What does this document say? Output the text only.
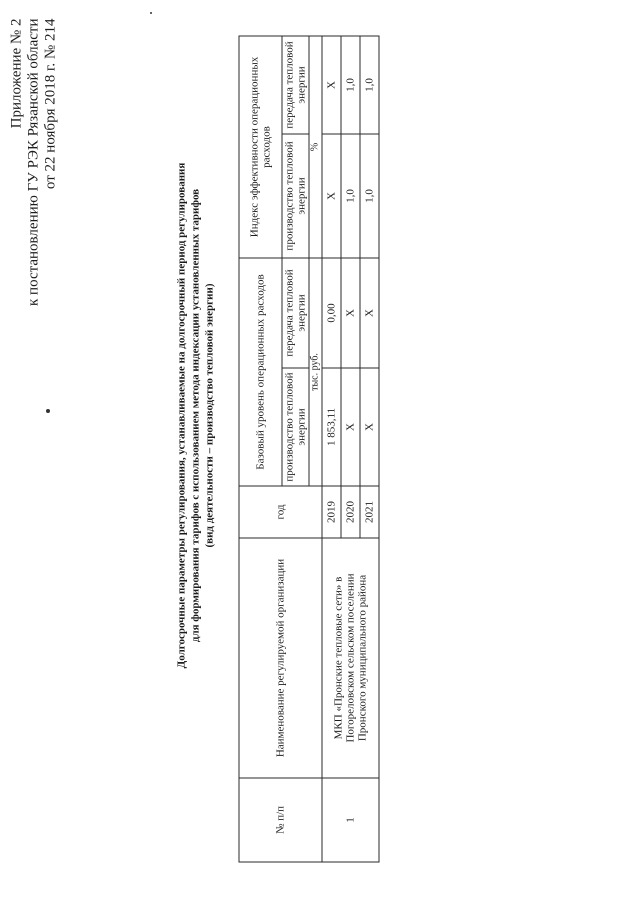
Приложение № 2 к постановлению ГУ РЭК Рязанской области от 22 ноября 2018 г. № 214
Долгосрочные параметры регулирования, устанавливаемые на долгосрочный период регулирования для формирования тарифов с использованием метода индексации установленных тарифов (вид деятельности – производство тепловой энергии)
№ п/п	Наименование регулируемой организации	год	Базовый уровень операционных расходов		Индекс эффективности операционных расходов	
			производство тепловой энергии	передача тепловой энергии	производство тепловой энергии	передача тепловой энергии
			тыс. руб.		%	
1	МКП «Пронские тепловые сети» в Погореловском сельском поселении Пронского муниципального района	2019	1 853,11	0,00	X	X
		2020	X	X	1,0	1,0
		2021	X	X	1,0	1,0
